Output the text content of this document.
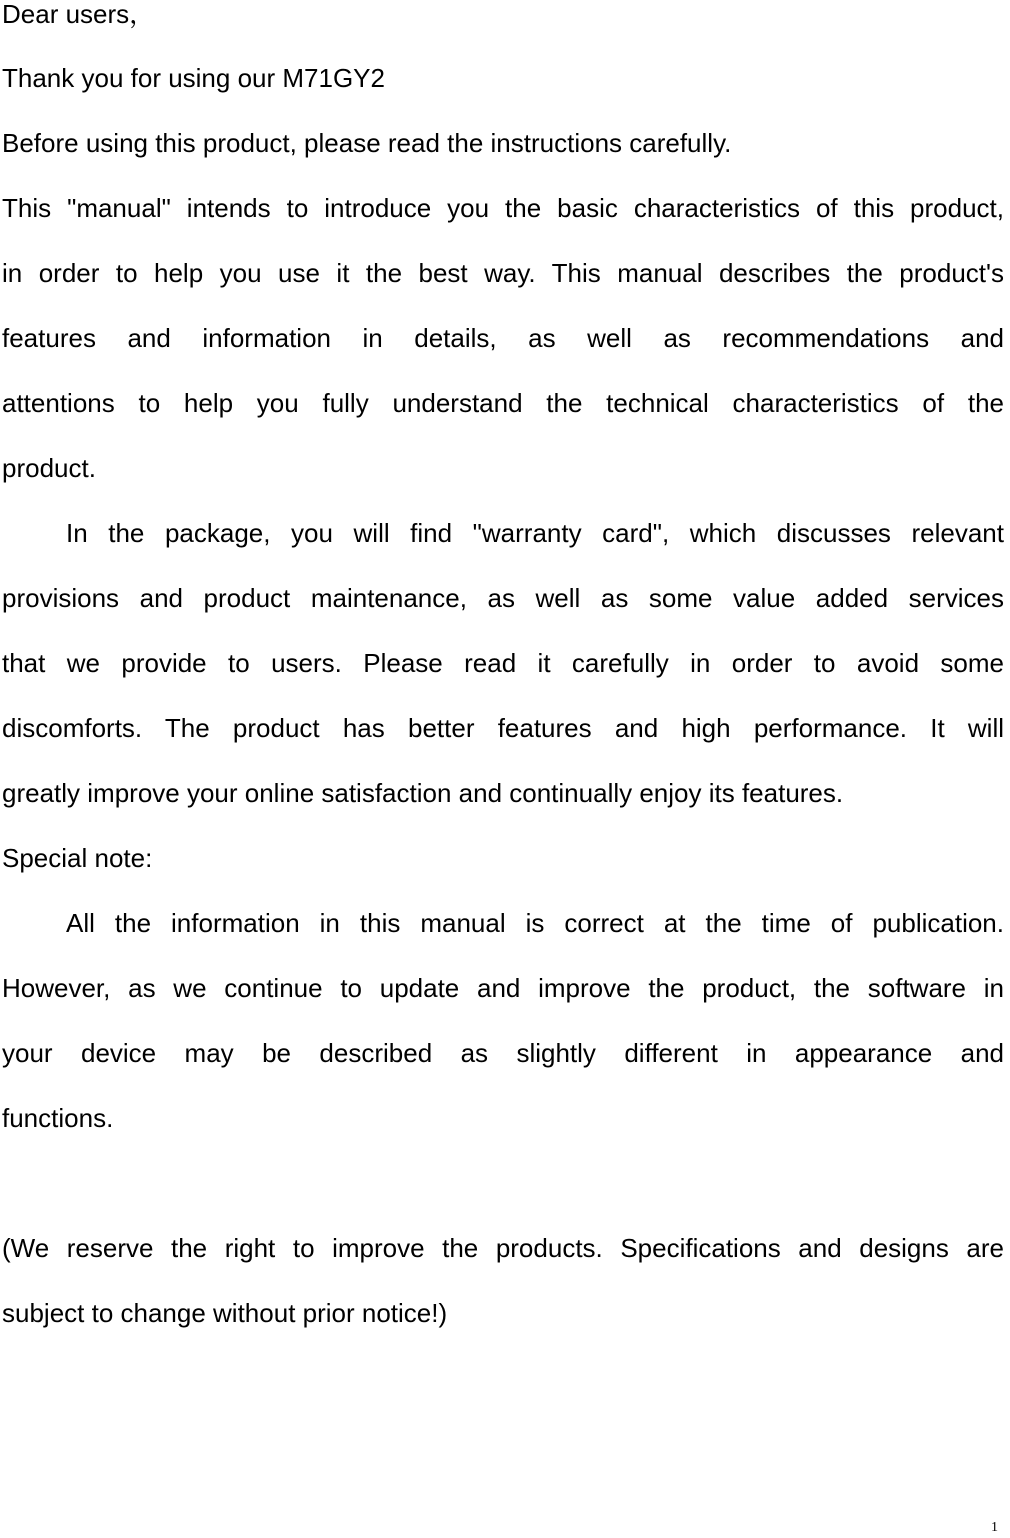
Dear users，

Thank you for using our M71GY2

Before using this product, please read the instructions carefully.

This "manual" intends to introduce you the basic characteristics of this product,

in order to help you use it the best way. This manual describes the product's

features and information in details, as well as recommendations and

attentions to help you fully understand the technical characteristics of the

product.

In the package, you will find "warranty card", which discusses relevant

provisions and product maintenance, as well as some value added services

that we provide to users. Please read it carefully in order to avoid some

discomforts. The product has better features and high performance. It will

greatly improve your online satisfaction and continually enjoy its features.

Special note:

All the information in this manual is correct at the time of publication.

However, as we continue to update and improve the product, the software in

your device may be described as slightly different in appearance and

functions.

(We reserve the right to improve the products. Specifications and designs are

subject to change without prior notice!)

1
